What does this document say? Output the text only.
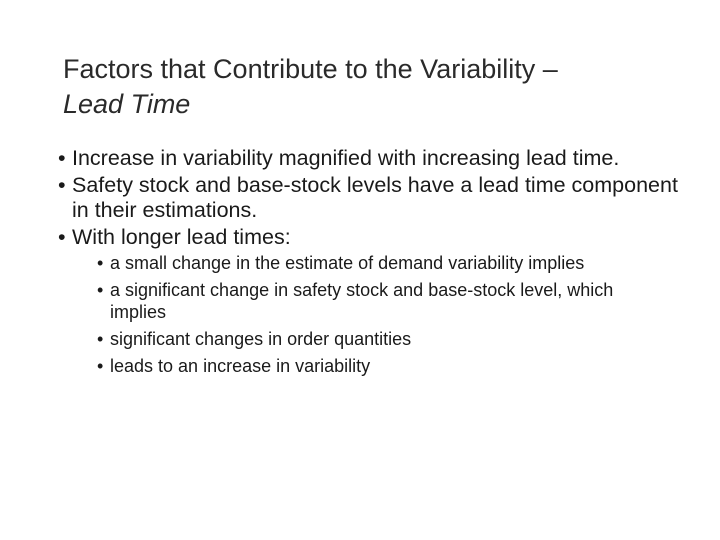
Factors that Contribute to the Variability –
Lead Time
• Increase in variability magnified with increasing lead time.
• Safety stock and base-stock levels have a lead time component in their estimations.
• With longer lead times:
• a small change in the estimate of demand variability implies
• a significant change in safety stock and base-stock level, which implies
• significant changes in order quantities
• leads to an increase in variability
